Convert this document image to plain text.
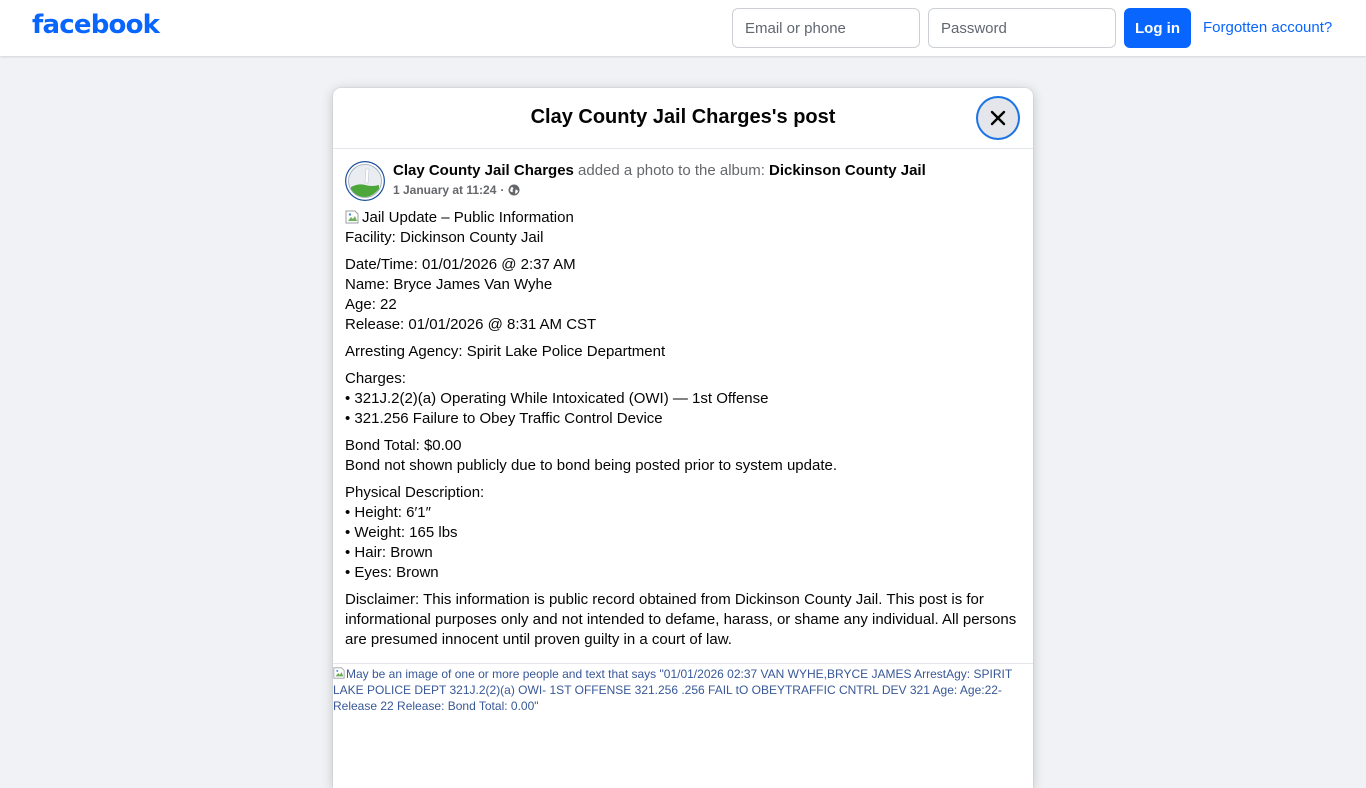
facebook
Email or phone	Log in	Forgotten account?
Clay County Jail Charges's post
Clay County Jail Charges added a photo to the album: Dickinson County Jail
1 January at 11:24 ·

Jail Update – Public Information
Facility: Dickinson County Jail

Date/Time: 01/01/2026 @ 2:37 AM
Name: Bryce James Van Wyhe
Age: 22
Release: 01/01/2026 @ 8:31 AM CST

Arresting Agency: Spirit Lake Police Department

Charges:
• 321J.2(2)(a) Operating While Intoxicated (OWI) — 1st Offense
• 321.256 Failure to Obey Traffic Control Device

Bond Total: $0.00
Bond not shown publicly due to bond being posted prior to system update.

Physical Description:
• Height: 6′1″
• Weight: 165 lbs
• Hair: Brown
• Eyes: Brown

Disclaimer: This information is public record obtained from Dickinson County Jail. This post is for informational purposes only and not intended to defame, harass, or shame any individual. All persons are presumed innocent until proven guilty in a court of law.

May be an image of one or more people and text that says "01/01/2026 02:37 VAN WYHE,BRYCE JAMES ArrestAgy: SPIRIT LAKE POLICE DEPT 321J.2(2)(a) OWI- 1ST OFFENSE 321.256 .256 FAIL tO OBEYTRAFFIC CNTRL DEV 321 Age: Age:22-Release 22 Release: Bond Total: 0.00"
